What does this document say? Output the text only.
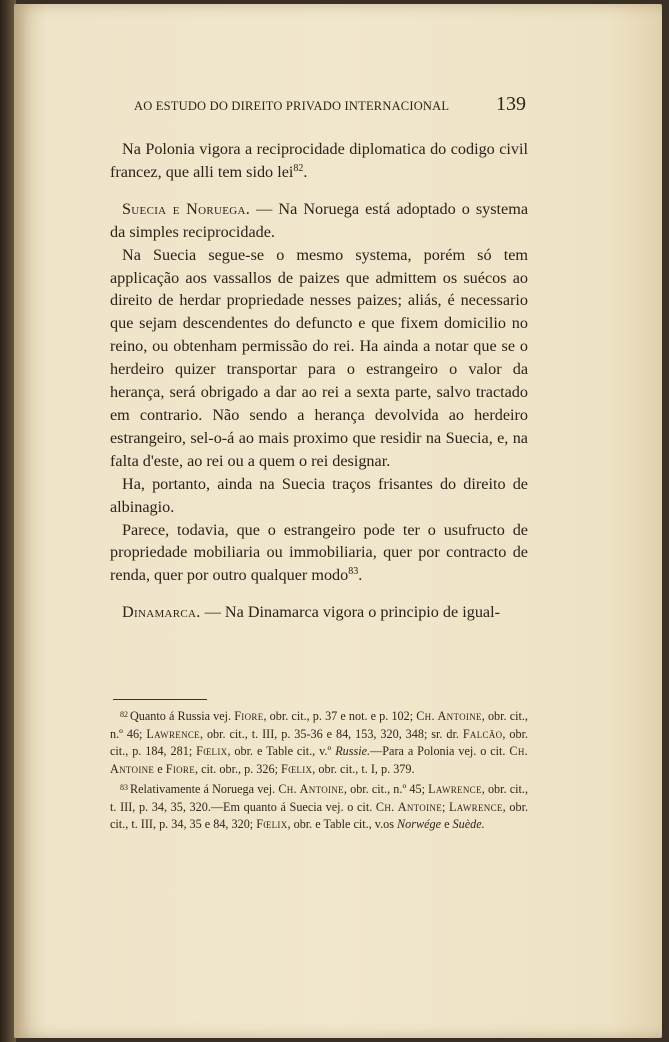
AO ESTUDO DO DIREITO PRIVADO INTERNACIONAL 139

Na Polonia vigora a reciprocidade diplomatica do codigo civil francez, que alli tem sido lei$^{82}$.

Suecia e Noruega. — Na Noruega está adoptado o systema da simples reciprocidade.

Na Suecia segue-se o mesmo systema, porém só tem applicação aos vassallos de paizes que admittem os suécos ao direito de herdar propriedade nesses paizes; aliás, é necessario que sejam descendentes do defuncto e que fixem domicilio no reino, ou obtenham permissão do rei. Ha ainda a notar que se o herdeiro quizer transportar para o estrangeiro o valor da herança, será obrigado a dar ao rei a sexta parte, salvo tractado em contrario. Não sendo a herança devolvida ao herdeiro estrangeiro, sel-o-á ao mais proximo que residir na Suecia, e, na falta d'este, ao rei ou a quem o rei designar.

Ha, portanto, ainda na Suecia traços frisantes do direito de albinagio.

Parece, todavia, que o estrangeiro pode ter o usufructo de propriedade mobiliaria ou immobiliaria, quer por contracto de renda, quer por outro qualquer modo$^{83}$.

Dinamarca. — Na Dinamarca vigora o principio de igual-

$^{82}$ Quanto á Russia vej. Fiore, obr. cit., p. 37 e not. e p. 102; Ch. Antoine, obr. cit., n.º 46; Lawrence, obr. cit., t. III, p. 35-36 e 84, 153, 320, 348; sr. dr. Falcão, obr. cit., p. 184, 281; Fœlix, obr. e Table cit., v.º Russie.—Para a Polonia vej. o cit. Ch. Antoine e Fiore, cit. obr., p. 326; Fœlix, obr. cit., t. I, p. 379.

$^{83}$ Relativamente á Noruega vej. Ch. Antoine, obr. cit., n.º 45; Lawrence, obr. cit., t. III, p. 34, 35, 320.—Em quanto á Suecia vej. o cit. Ch. Antoine; Lawrence, obr. cit., t. III, p. 34, 35 e 84, 320; Fœlix, obr. e Table cit., v.os Norwége e Suède.
